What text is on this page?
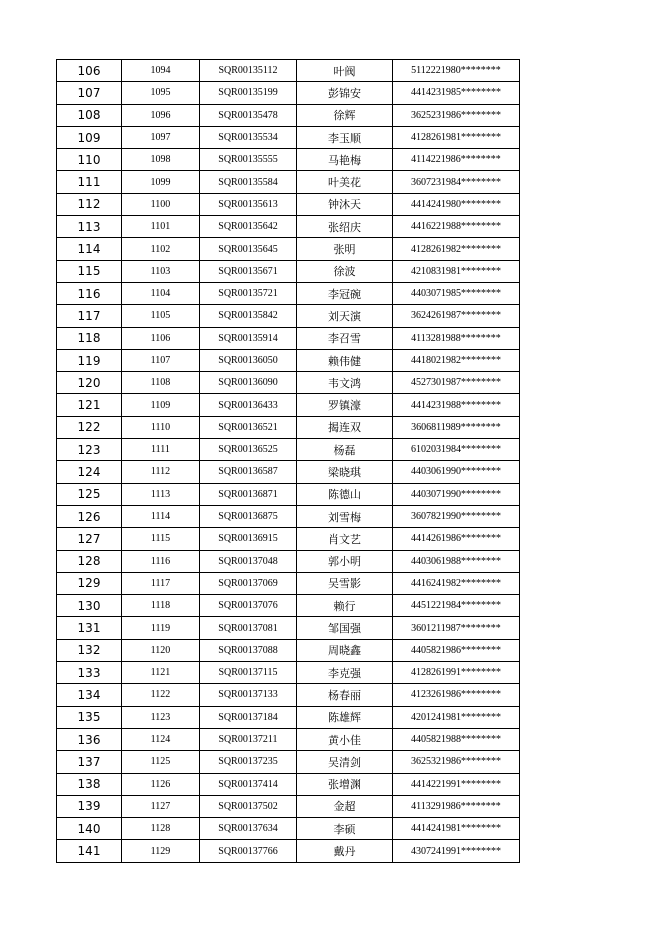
106	1094	SQR00135112	叶阀	5112221980********
107	1095	SQR00135199	彭锦安	4414231985********
108	1096	SQR00135478	徐辉	3625231986********
109	1097	SQR00135534	李玉顺	4128261981********
110	1098	SQR00135555	马艳梅	4114221986********
111	1099	SQR00135584	叶美花	3607231984********
112	1100	SQR00135613	钟沐天	4414241980********
113	1101	SQR00135642	张绍庆	4416221988********
114	1102	SQR00135645	张明	4128261982********
115	1103	SQR00135671	徐波	4210831981********
116	1104	SQR00135721	李冠碗	4403071985********
117	1105	SQR00135842	刘天演	3624261987********
118	1106	SQR00135914	李召雪	4113281988********
119	1107	SQR00136050	赖伟健	4418021982********
120	1108	SQR00136090	韦文鸿	4527301987********
121	1109	SQR00136433	罗镇濠	4414231988********
122	1110	SQR00136521	揭连双	3606811989********
123	1111	SQR00136525	杨磊	6102031984********
124	1112	SQR00136587	梁晓琪	4403061990********
125	1113	SQR00136871	陈德山	4403071990********
126	1114	SQR00136875	刘雪梅	3607821990********
127	1115	SQR00136915	肖文艺	4414261986********
128	1116	SQR00137048	郭小明	4403061988********
129	1117	SQR00137069	吴雪影	4416241982********
130	1118	SQR00137076	赖行	4451221984********
131	1119	SQR00137081	邹国强	3601211987********
132	1120	SQR00137088	周晓鑫	4405821986********
133	1121	SQR00137115	李克强	4128261991********
134	1122	SQR00137133	杨春丽	4123261986********
135	1123	SQR00137184	陈雄辉	4201241981********
136	1124	SQR00137211	黄小佳	4405821988********
137	1125	SQR00137235	吴清剑	3625321986********
138	1126	SQR00137414	张增渊	4414221991********
139	1127	SQR00137502	金超	4113291986********
140	1128	SQR00137634	李硕	4414241981********
141	1129	SQR00137766	戴丹	4307241991********
